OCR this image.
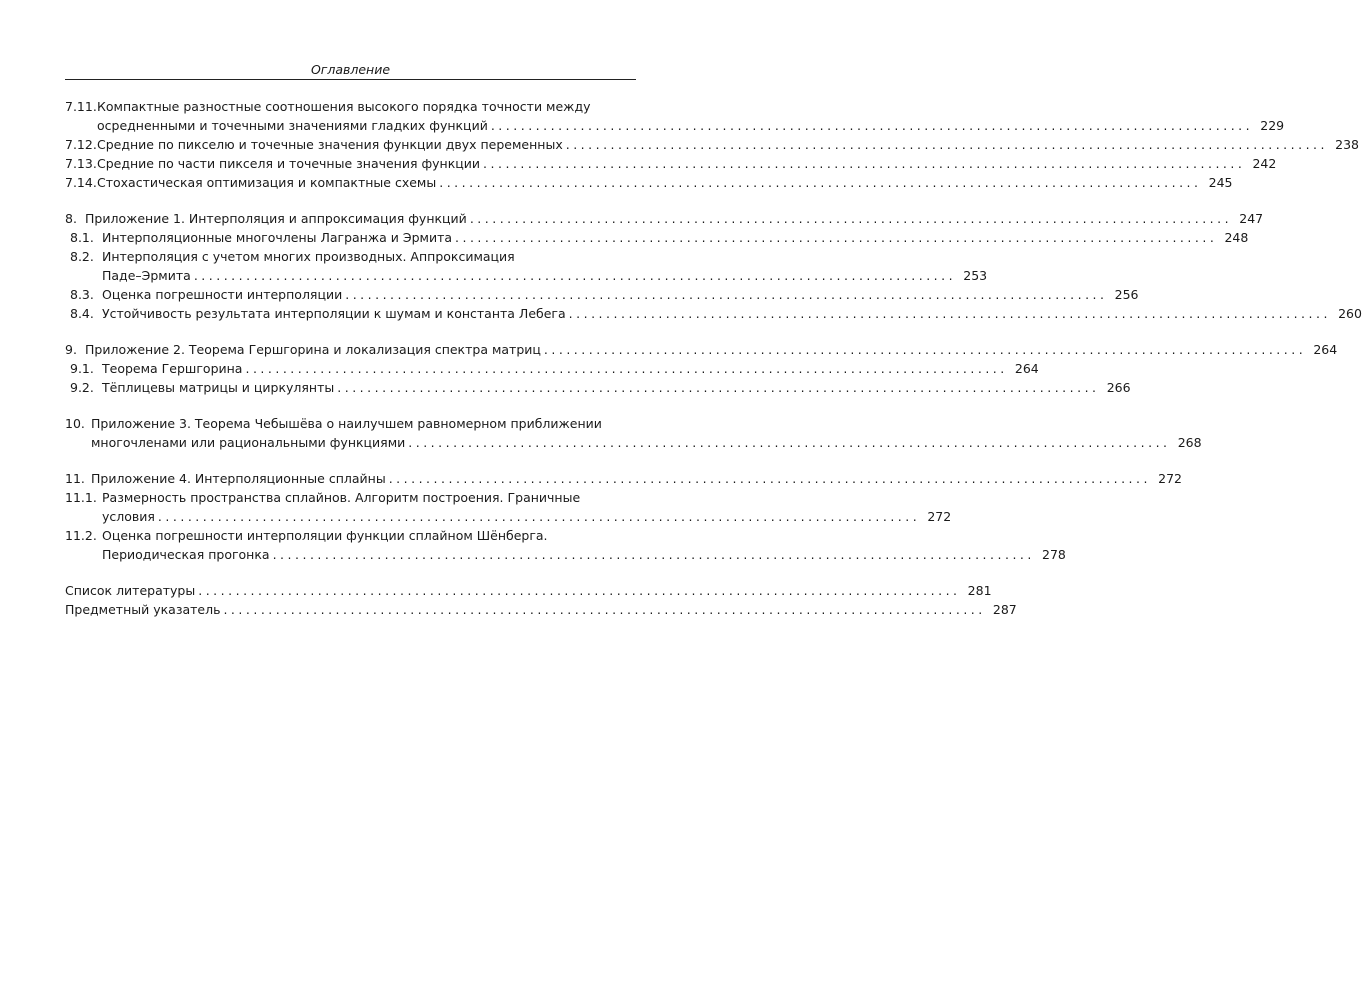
Оглавление
7.11. Компактные разностные соотношения высокого порядка точности между
осредненными и точечными значениями гладких функций ...................................................................................................... 229
7.12. Средние по пикселю и точечные значения функции двух переменных ...................................................................................................... 238
7.13. Средние по части пикселя и точечные значения функции ...................................................................................................... 242
7.14. Стохастическая оптимизация и компактные схемы ...................................................................................................... 245
8. Приложение 1. Интерполяция и аппроксимация функций ...................................................................................................... 247
8.1. Интерполяционные многочлены Лагранжа и Эрмита ...................................................................................................... 248
8.2. Интерполяция с учетом многих производных. Аппроксимация
Паде–Эрмита ...................................................................................................... 253
8.3. Оценка погрешности интерполяции ...................................................................................................... 256
8.4. Устойчивость результата интерполяции к шумам и константа Лебега ...................................................................................................... 260
9. Приложение 2. Теорема Гершгорина и локализация спектра матриц ...................................................................................................... 264
9.1. Теорема Гершгорина ...................................................................................................... 264
9.2. Тёплицевы матрицы и циркулянты ...................................................................................................... 266
10. Приложение 3. Теорема Чебышёва о наилучшем равномерном приближении
многочленами или рациональными функциями ...................................................................................................... 268
11. Приложение 4. Интерполяционные сплайны ...................................................................................................... 272
11.1. Размерность пространства сплайнов. Алгоритм построения. Граничные
условия ...................................................................................................... 272
11.2. Оценка погрешности интерполяции функции сплайном Шёнберга.
Периодическая прогонка ...................................................................................................... 278
Список литературы ...................................................................................................... 281
Предметный указатель ...................................................................................................... 287
